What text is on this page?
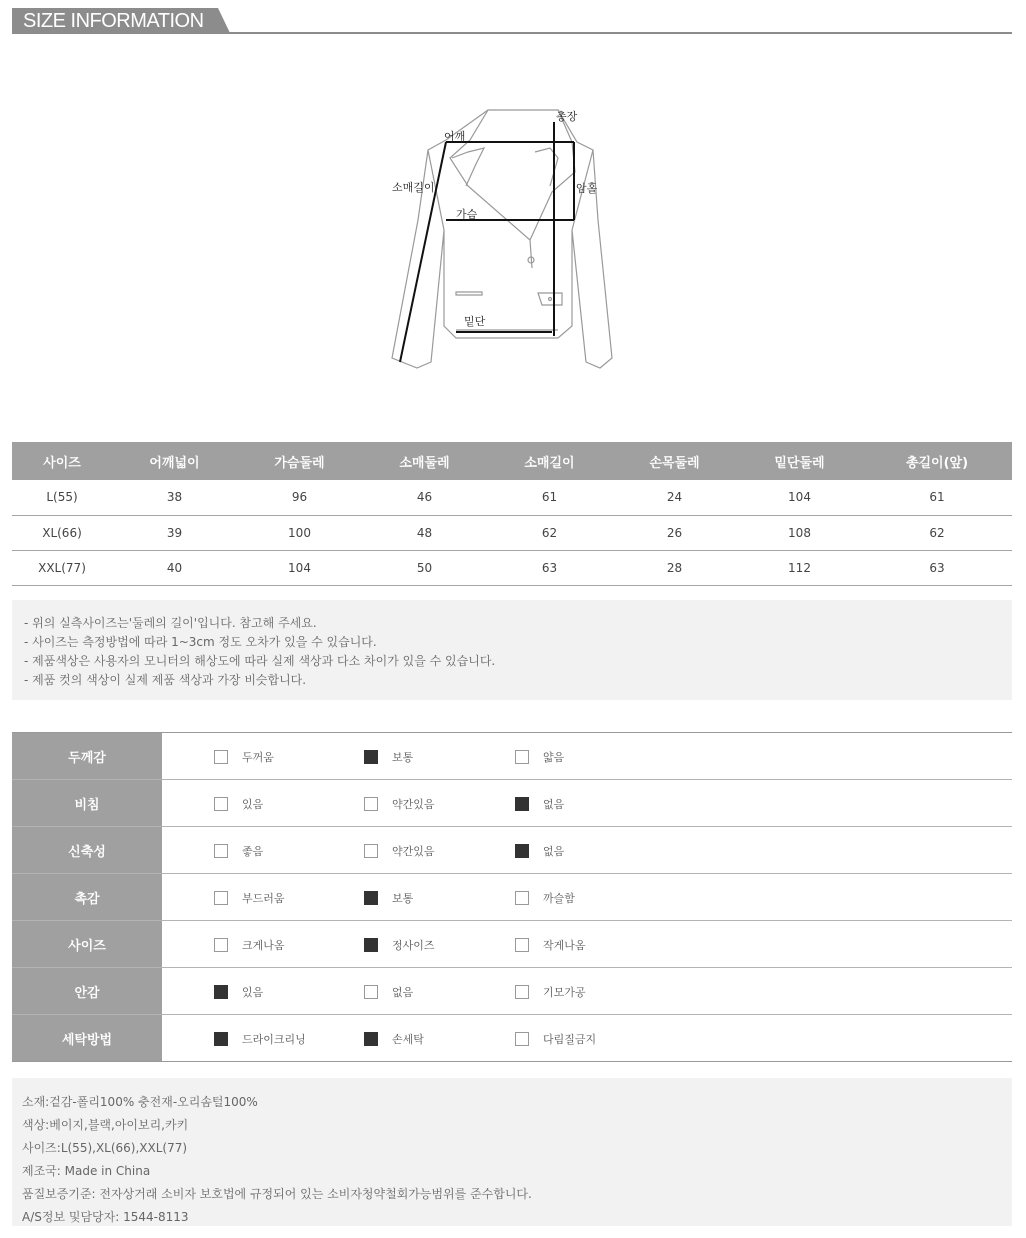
SIZE INFORMATION
총장
어깨
소매길이	암홀
가슴
밑단
사이즈	어깨넓이	가슴둘레	소매둘레	소매길이	손목둘레	밑단둘레	총길이(앞)
L(55)	38	96	46	61	24	104	61
XL(66)	39	100	48	62	26	108	62
XXL(77)	40	104	50	63	28	112	63

- 위의 실측사이즈는'둘레의 길이'입니다. 참고해 주세요.

- 사이즈는 측정방법에 따라 1~3cm 정도 오차가 있을 수 있습니다.

- 제품색상은 사용자의 모니터의 해상도에 따라 실제 색상과 다소 차이가 있을 수 있습니다.

- 제품 컷의 색상이 실제 제품 색상과 가장 비슷합니다.

두께감	두꺼움	보통	얇음
비침	있음	약간있음	없음
신축성	좋음	약간있음	없음
촉감	부드러움	보통	까슬함
사이즈	크게나옴	정사이즈	작게나옴
안감	있음	없음	기모가공
세탁방법	드라이크리닝	손세탁	다림질금지

소재:겉감-폴리100% 충전재-오리솜털100%

색상:베이지,블랙,아이보리,카키

사이즈:L(55),XL(66),XXL(77)

제조국: Made in China

품질보증기준: 전자상거래 소비자 보호법에 규정되어 있는 소비자청약철회가능범위를 준수합니다.

A/S정보 및담당자: 1544-8113
